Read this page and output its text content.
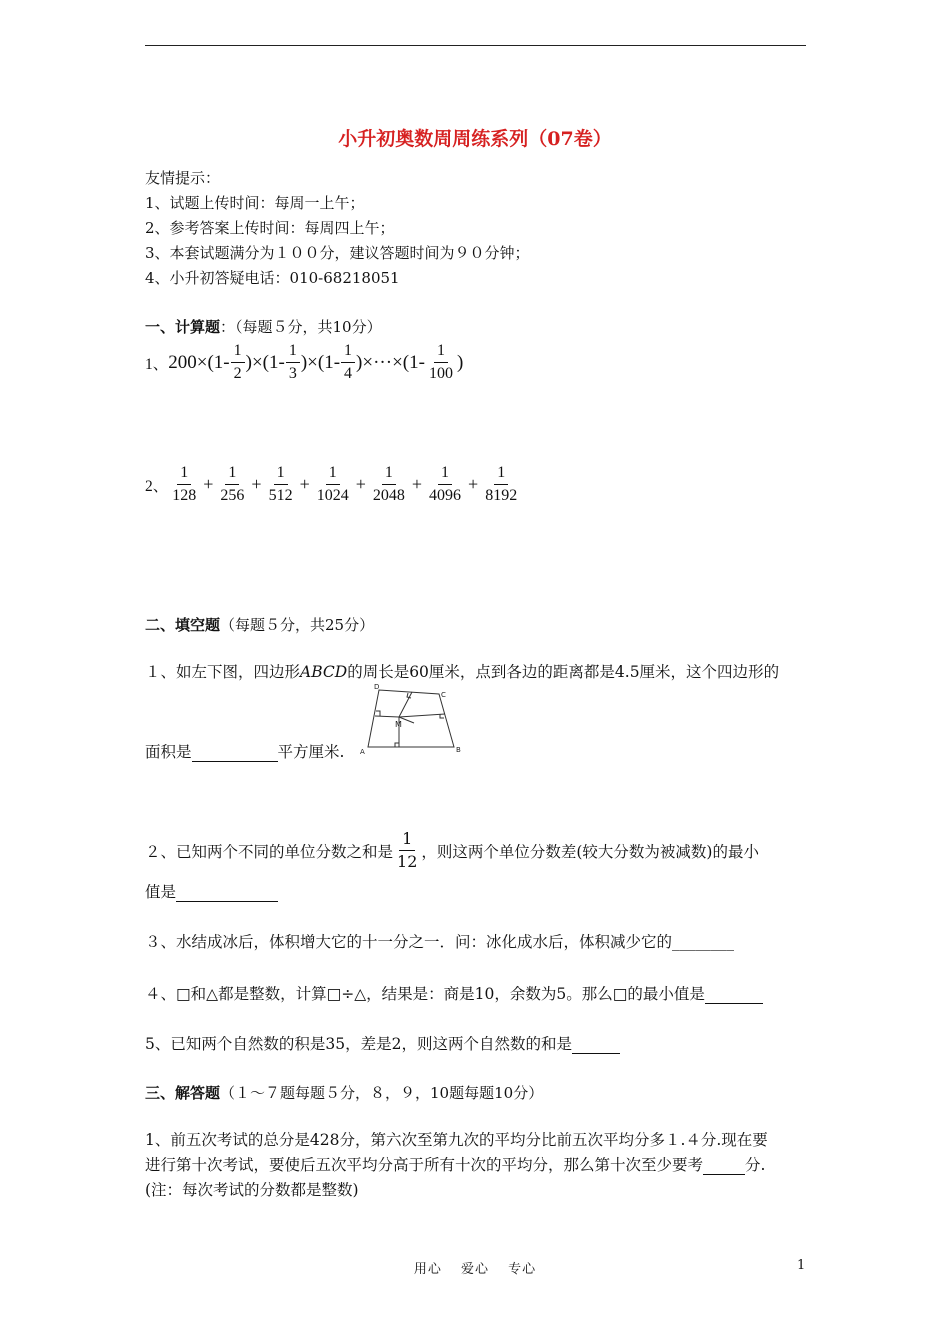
小升初奥数周周练系列（07卷）
友情提示：
1、试题上传时间：每周一上午；
2、参考答案上传时间：每周四上午；
3、本套试题满分为１００分，建议答题时间为９０分钟；
4、小升初答疑电话：010-68218051
一、计算题：（每题５分，共10分）
1、 $200\times(1- \frac{1}{2} )\times(1- \frac{1}{3} )\times(1- \frac{1}{4} )\times\cdot\cdot\cdot\times(1- \frac{1}{100}$ )
2、 $\frac{1}{128} + \frac{1}{256} + \frac{1}{512} + \frac{1}{1024} + \frac{1}{2048} + \frac{1}{4096} + \frac{1}{8192}$
二、填空题（每题５分，共25分）
１、如左下图，四边形ABCD的周长是60厘米，点到各边的距离都是4.5厘米，这个四边形的
A	B
C
D
M
面积是	平方厘米.
２、已知两个不同的单位分数之和是 $\frac{1}{12}$ ，则这两个单位分数差(较大分数为被减数)的最小
值是
３、水结成冰后，体积增大它的十一分之一．问：冰化成水后，体积减少它的________
４、□和△都是整数，计算□÷△，结果是：商是10，余数为5。那么□的最小值是
5、已知两个自然数的积是35，差是2，则这两个自然数的和是
三、解答题（１～７题每题５分，８，９，10题每题10分）
1、前五次考试的总分是428分，第六次至第九次的平均分比前五次平均分多１.４分.现在要
进行第十次考试，要使后五次平均分高于所有十次的平均分，那么第十次至少要考	分.
(注：每次考试的分数都是整数)
用心　 爱心　 专心	1
